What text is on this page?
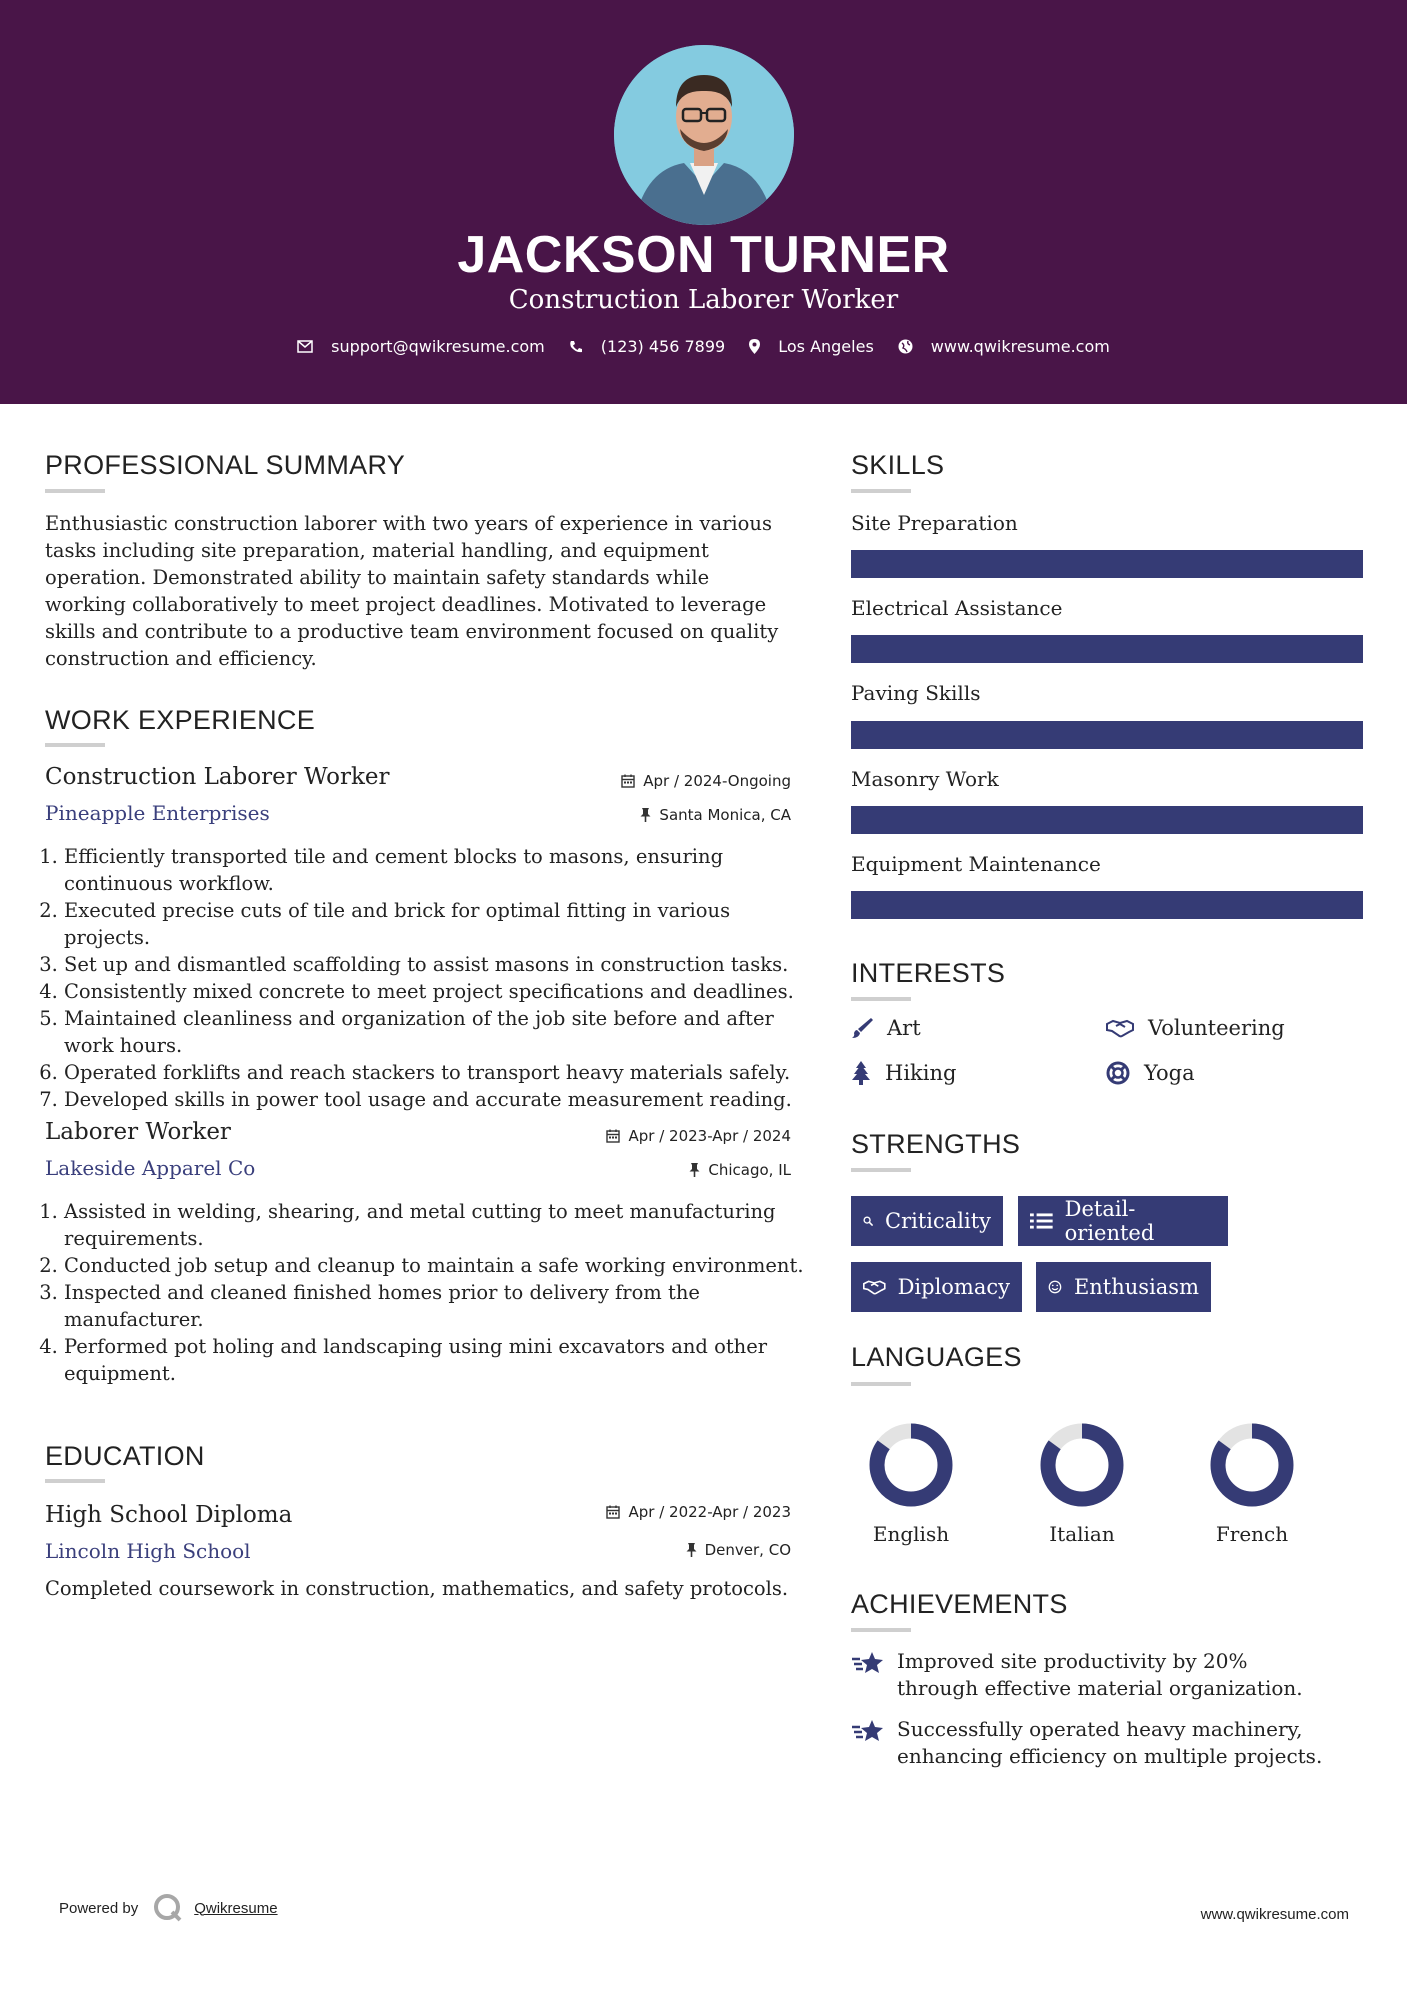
JACKSON TURNER
Construction Laborer Worker
support@qwikresume.com	(123) 456 7899	Los Angeles	www.qwikresume.com
PROFESSIONAL SUMMARY
Enthusiastic construction laborer with two years of experience in various tasks including site preparation, material handling, and equipment operation. Demonstrated ability to maintain safety standards while working collaboratively to meet project deadlines. Motivated to leverage skills and contribute to a productive team environment focused on quality construction and efficiency.
WORK EXPERIENCE
Construction Laborer Worker	Apr / 2024-Ongoing
Pineapple Enterprises	Santa Monica, CA
1. Efficiently transported tile and cement blocks to masons, ensuring continuous workflow.
2. Executed precise cuts of tile and brick for optimal fitting in various projects.
3. Set up and dismantled scaffolding to assist masons in construction tasks.
4. Consistently mixed concrete to meet project specifications and deadlines.
5. Maintained cleanliness and organization of the job site before and after work hours.
6. Operated forklifts and reach stackers to transport heavy materials safely.
7. Developed skills in power tool usage and accurate measurement reading.
Laborer Worker	Apr / 2023-Apr / 2024
Lakeside Apparel Co	Chicago, IL
1. Assisted in welding, shearing, and metal cutting to meet manufacturing requirements.
2. Conducted job setup and cleanup to maintain a safe working environment.
3. Inspected and cleaned finished homes prior to delivery from the manufacturer.
4. Performed pot holing and landscaping using mini excavators and other equipment.
EDUCATION
High School Diploma	Apr / 2022-Apr / 2023
Lincoln High School	Denver, CO
Completed coursework in construction, mathematics, and safety protocols.
SKILLS
Site Preparation
Electrical Assistance
Paving Skills
Masonry Work
Equipment Maintenance
INTERESTS
Art	Volunteering
Hiking	Yoga
STRENGTHS
Criticality	Detail-oriented
Diplomacy	Enthusiasm
LANGUAGES
English	Italian	French
ACHIEVEMENTS
Improved site productivity by 20% through effective material organization.
Successfully operated heavy machinery, enhancing efficiency on multiple projects.
Powered by	Qwikresume	www.qwikresume.com
